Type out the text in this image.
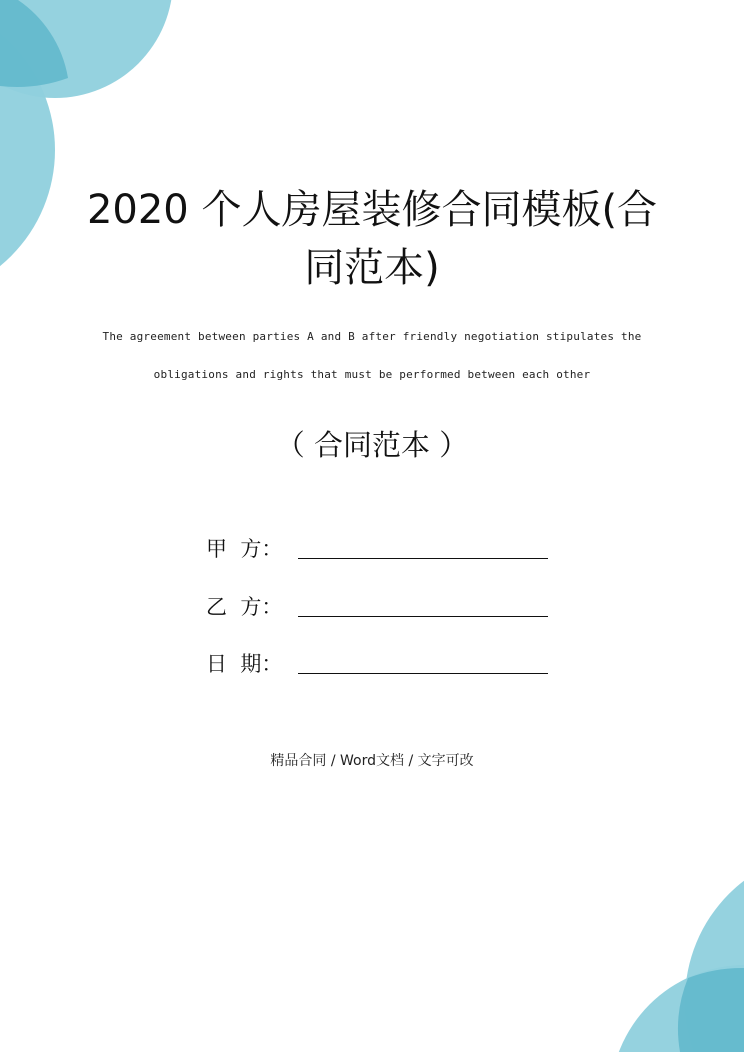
2020 个人房屋装修合同模板(合
同范本)
The agreement between parties A and B after friendly negotiation stipulates the
obligations and rights that must be performed between each other
（ 合同范本 ）
甲  方：
乙  方：
日  期：
精品合同 / Word文档 / 文字可改
